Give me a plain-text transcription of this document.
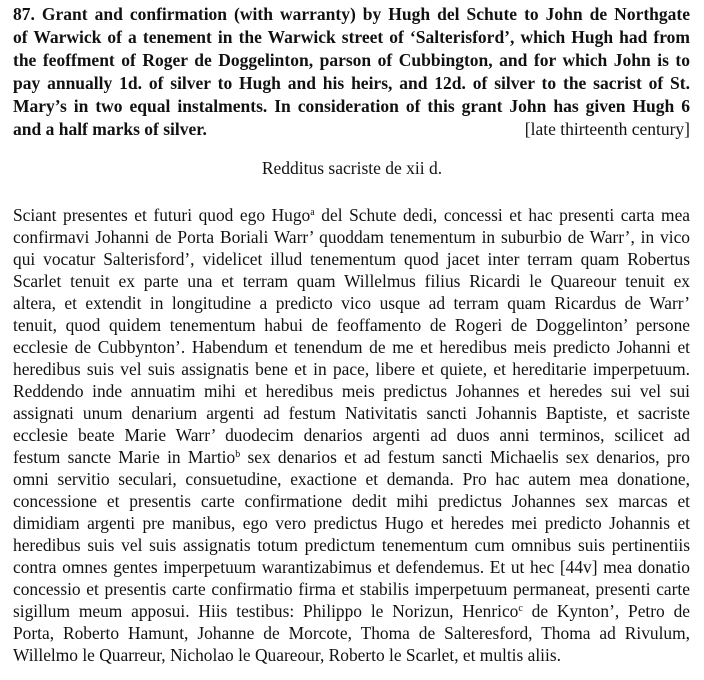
87. Grant and confirmation (with warranty) by Hugh del Schute to John de Northgate
of Warwick of a tenement in the Warwick street of ‘Salterisford’, which Hugh had from
the feoffment of Roger de Doggelinton, parson of Cubbington, and for which John is to
pay annually 1d. of silver to Hugh and his heirs, and 12d. of silver to the sacrist of St.
Mary’s in two equal instalments. In consideration of this grant John has given Hugh 6
and a half marks of silver.	[late thirteenth century]
Redditus sacriste de xii d.
Sciant presentes et futuri quod ego Hugo$^a$ del Schute dedi, concessi et hac presenti carta mea
confirmavi Johanni de Porta Boriali Warr’ quoddam tenementum in suburbio de Warr’, in vico
qui vocatur Salterisford’, videlicet illud tenementum quod jacet inter terram quam Robertus
Scarlet tenuit ex parte una et terram quam Willelmus filius Ricardi le Quareour tenuit ex
altera, et extendit in longitudine a predicto vico usque ad terram quam Ricardus de Warr’
tenuit, quod quidem tenementum habui de feoffamento de Rogeri de Doggelinton’ persone
ecclesie de Cubbynton’. Habendum et tenendum de me et heredibus meis predicto Johanni et
heredibus suis vel suis assignatis bene et in pace, libere et quiete, et hereditarie imperpetuum.
Reddendo inde annuatim mihi et heredibus meis predictus Johannes et heredes sui vel sui
assignati unum denarium argenti ad festum Nativitatis sancti Johannis Baptiste, et sacriste
ecclesie beate Marie Warr’ duodecim denarios argenti ad duos anni terminos, scilicet ad
festum sancte Marie in Martio$^b$ sex denarios et ad festum sancti Michaelis sex denarios, pro
omni servitio seculari, consuetudine, exactione et demanda. Pro hac autem mea donatione,
concessione et presentis carte confirmatione dedit mihi predictus Johannes sex marcas et
dimidiam argenti pre manibus, ego vero predictus Hugo et heredes mei predicto Johannis et
heredibus suis vel suis assignatis totum predictum tenementum cum omnibus suis pertinentiis
contra omnes gentes imperpetuum warantizabimus et defendemus. Et ut hec [44v] mea donatio
concessio et presentis carte confirmatio firma et stabilis imperpetuum permaneat, presenti carte
sigillum meum apposui. Hiis testibus: Philippo le Norizun, Henrico$^c$ de Kynton’, Petro de
Porta, Roberto Hamunt, Johanne de Morcote, Thoma de Salteresford, Thoma ad Rivulum,
Willelmo le Quarreur, Nicholao le Quareour, Roberto le Scarlet, et multis aliis.
